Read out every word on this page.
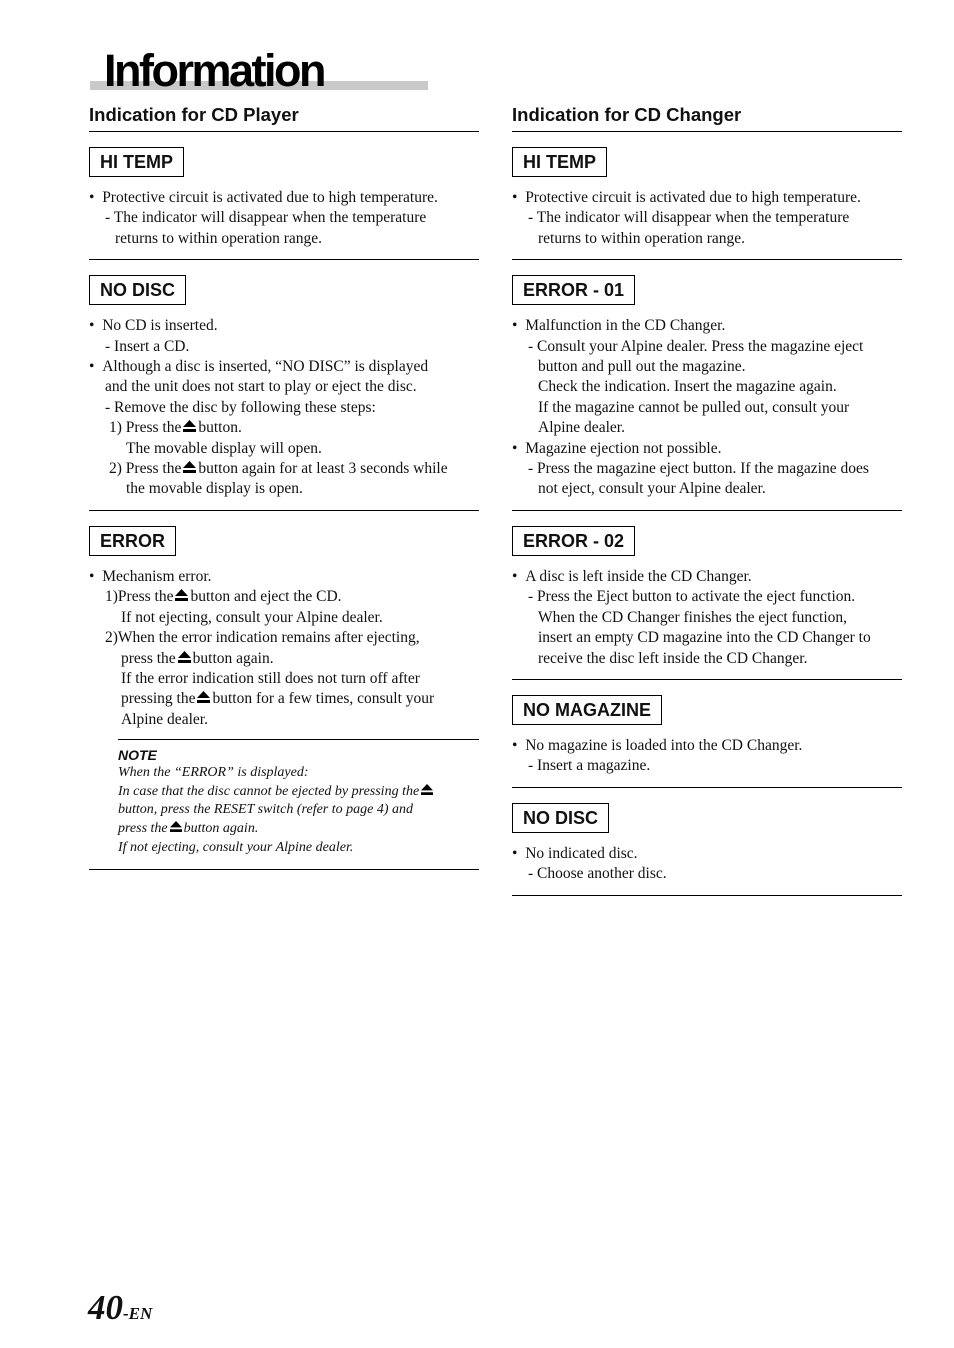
Information
Indication for CD Player
HI TEMP
• Protective circuit is activated due to high temperature.
- The indicator will disappear when the temperature
returns to within operation range.
NO DISC
• No CD is inserted.
- Insert a CD.
• Although a disc is inserted, “NO DISC” is displayed
and the unit does not start to play or eject the disc.
- Remove the disc by following these steps:
1) Press the button.
The movable display will open.
2) Press the button again for at least 3 seconds while
the movable display is open.
ERROR
• Mechanism error.
1)Press the button and eject the CD.
If not ejecting, consult your Alpine dealer.
2)When the error indication remains after ejecting,
press the button again.
If the error indication still does not turn off after
pressing the button for a few times, consult your
Alpine dealer.
NOTE
When the “ERROR” is displayed:
In case that the disc cannot be ejected by pressing the
button, press the RESET switch (refer to page 4) and
press the button again.
If not ejecting, consult your Alpine dealer.
Indication for CD Changer
HI TEMP
• Protective circuit is activated due to high temperature.
- The indicator will disappear when the temperature
returns to within operation range.
ERROR - 01
• Malfunction in the CD Changer.
- Consult your Alpine dealer. Press the magazine eject
button and pull out the magazine.
Check the indication. Insert the magazine again.
If the magazine cannot be pulled out, consult your
Alpine dealer.
• Magazine ejection not possible.
- Press the magazine eject button. If the magazine does
not eject, consult your Alpine dealer.
ERROR - 02
• A disc is left inside the CD Changer.
- Press the Eject button to activate the eject function.
When the CD Changer finishes the eject function,
insert an empty CD magazine into the CD Changer to
receive the disc left inside the CD Changer.
NO MAGAZINE
• No magazine is loaded into the CD Changer.
- Insert a magazine.
NO DISC
• No indicated disc.
- Choose another disc.
40-EN
